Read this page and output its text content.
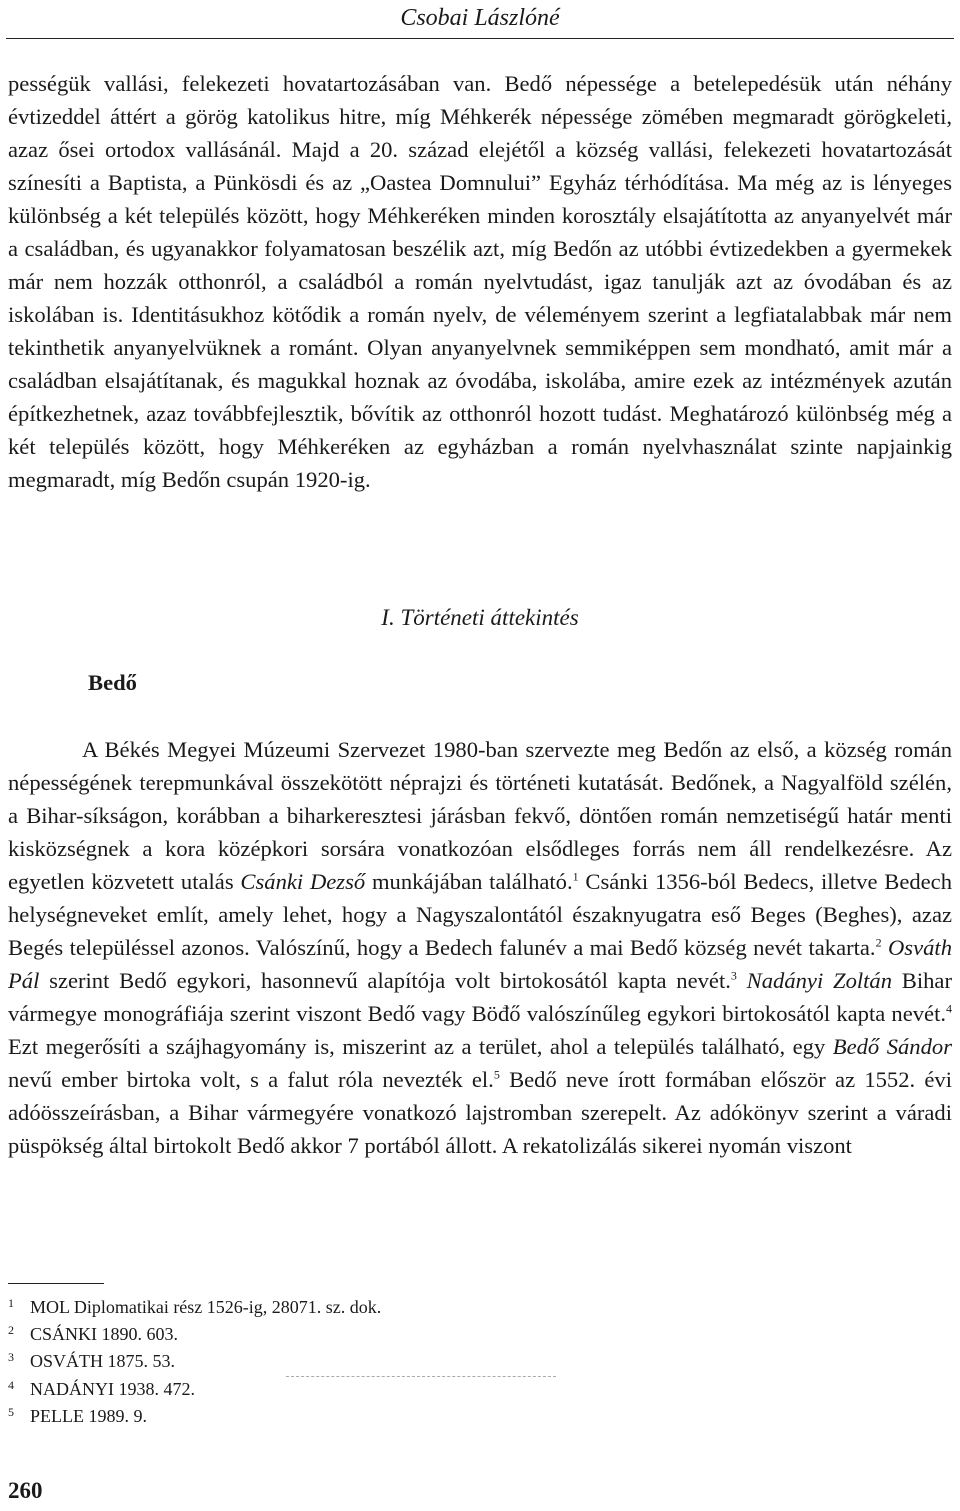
Csobai Lászlóné

pességük vallási, felekezeti hovatartozásában van. Bedő népessége a betelepedésük után néhány évtizeddel áttért a görög katolikus hitre, míg Méhkerék népessége zömében megmaradt görögkeleti, azaz ősei ortodox vallásánál. Majd a 20. század elejétől a község vallási, felekezeti hovatartozását színesíti a Baptista, a Pünkösdi és az „Oastea Domnului” Egyház térhódítása. Ma még az is lényeges különbség a két település között, hogy Méhkeréken minden korosztály elsajátította az anyanyelvét már a családban, és ugyanakkor folyamatosan beszélik azt, míg Bedőn az utóbbi évtizedekben a gyermekek már nem hozzák otthonról, a családból a román nyelvtudást, igaz tanulják azt az óvodában és az iskolában is. Identitásukhoz kötődik a román nyelv, de véleményem szerint a legfiatalabbak már nem tekinthetik anyanyelvüknek a románt. Olyan anyanyelvnek semmiképpen sem mondható, amit már a családban elsajátítanak, és magukkal hoznak az óvodába, iskolába, amire ezek az intézmények azután építkezhetnek, azaz továbbfejlesztik, bővítik az otthonról hozott tudást. Meghatározó különbség még a két település között, hogy Méhkeréken az egyházban a román nyelvhasználat szinte napjainkig megmaradt, míg Bedőn csupán 1920-ig.

I. Történeti áttekintés
Bedő

A Békés Megyei Múzeumi Szervezet 1980-ban szervezte meg Bedőn az első, a község román népességének terepmunkával összekötött néprajzi és történeti kutatását. Bedőnek, a Nagyalföld szélén, a Bihar-síkságon, korábban a biharkeresztesi járásban fekvő, döntően román nemzetiségű határ menti kisközségnek a kora középkori sorsára vonatkozóan elsődleges forrás nem áll rendelkezésre. Az egyetlen közvetett utalás Csánki Dezső munkájában található.$^1$ Csánki 1356-ból Bedecs, illetve Bedech helységneveket említ, amely lehet, hogy a Nagyszalontától északnyugatra eső Beges (Beghes), azaz Begés településsel azonos. Valószínű, hogy a Bedech falunév a mai Bedő község nevét takarta.$^2$ Osváth Pál szerint Bedő egykori, hasonnevű alapítója volt birtokosától kapta nevét.$^3$ Nadányi Zoltán Bihar vármegye monográfiája szerint viszont Bedő vagy Böđő valószínűleg egykori birtokosától kapta nevét.$^4$ Ezt megerősíti a szájhagyomány is, miszerint az a terület, ahol a település található, egy Bedő Sándor nevű ember birtoka volt, s a falut róla nevezték el.$^5$ Bedő neve írott formában először az 1552. évi adóösszeírásban, a Bihar vármegyére vonatkozó lajstromban szerepelt. Az adókönyv szerint a váradi püspökség által birtokolt Bedő akkor 7 portából állott. A rekatolizálás sikerei nyomán viszont

1 MOL Diplomatikai rész 1526-ig, 28071. sz. dok.
2 CSÁNKI 1890. 603.
3 OSVÁTH 1875. 53.
4 NADÁNYI 1938. 472.
5 PELLE 1989. 9.
260
